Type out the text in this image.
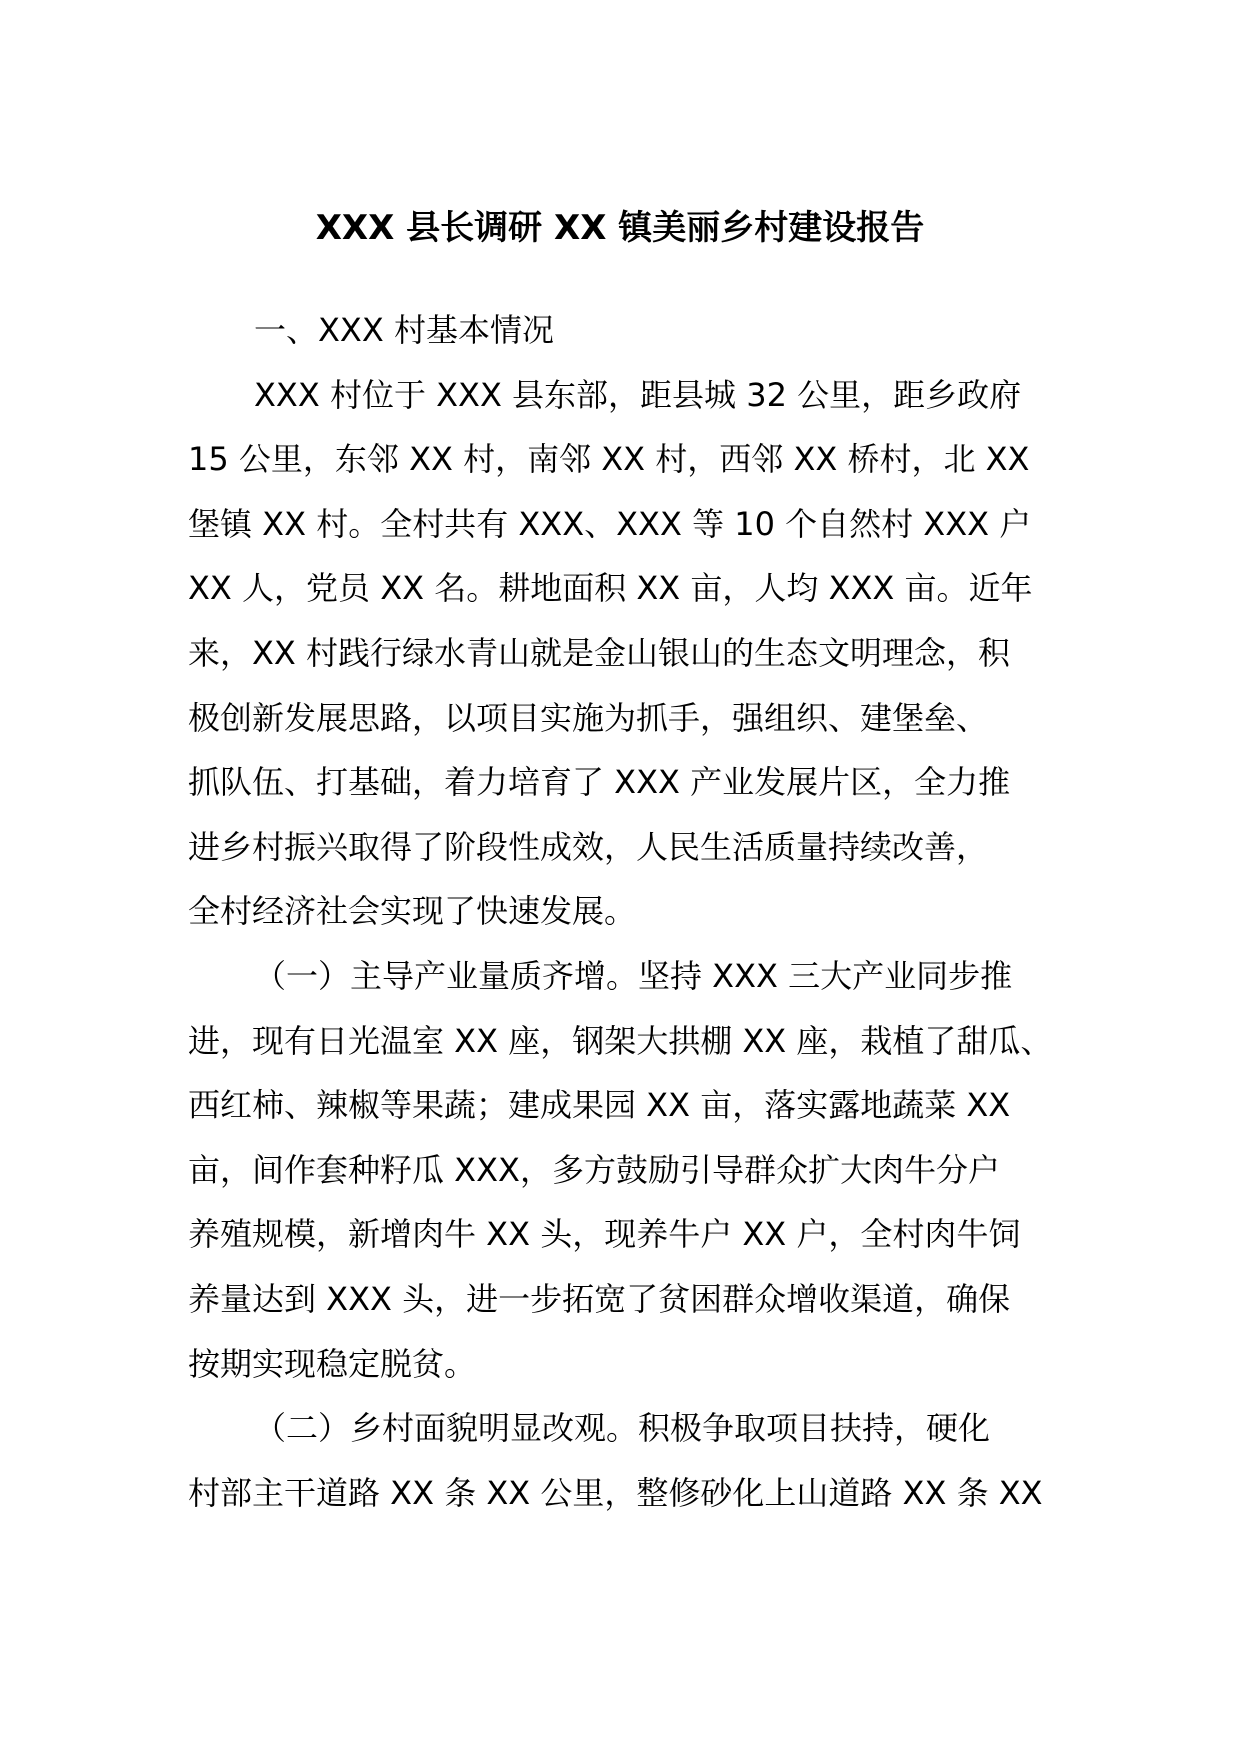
XXX 县长调研 XX 镇美丽乡村建设报告
一、XXX 村基本情况
XXX 村位于 XXX 县东部，距县城 32 公里，距乡政府
15 公里，东邻 XX 村，南邻 XX 村，西邻 XX 桥村，北 XX
堡镇 XX 村。全村共有 XXX、XXX 等 10 个自然村 XXX 户
XX 人，党员 XX 名。耕地面积 XX 亩，人均 XXX 亩。近年
来，XX 村践行绿水青山就是金山银山的生态文明理念，积
极创新发展思路，以项目实施为抓手，强组织、建堡垒、
抓队伍、打基础，着力培育了 XXX 产业发展片区，全力推
进乡村振兴取得了阶段性成效，人民生活质量持续改善，
全村经济社会实现了快速发展。
（一）主导产业量质齐增。坚持 XXX 三大产业同步推
进，现有日光温室 XX 座，钢架大拱棚 XX 座，栽植了甜瓜、
西红柿、辣椒等果蔬；建成果园 XX 亩，落实露地蔬菜 XX
亩，间作套种籽瓜 XXX，多方鼓励引导群众扩大肉牛分户
养殖规模，新增肉牛 XX 头，现养牛户 XX 户，全村肉牛饲
养量达到 XXX 头，进一步拓宽了贫困群众增收渠道，确保
按期实现稳定脱贫。
（二）乡村面貌明显改观。积极争取项目扶持，硬化
村部主干道路 XX 条 XX 公里，整修砂化上山道路 XX 条 XX
